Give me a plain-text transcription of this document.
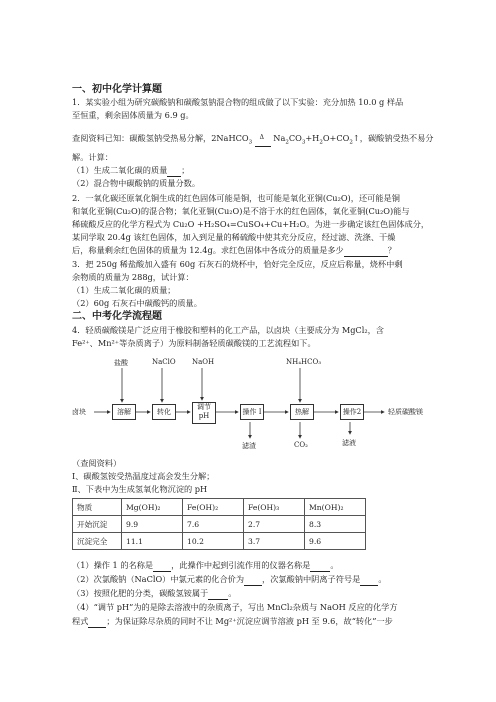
一、初中化学计算题
1．某实验小组为研究碳酸钠和碳酸氢钠混合物的组成做了以下实验：充分加热 10.0 g 样品
至恒重，剩余固体质量为 6.9 g。
查阅资料已知：碳酸氢钠受热易分解，2NaHCO$_3$
Δ $Na_2CO_3+H_2O+CO_2↑$，碳酸钠受热不易分
解。计算：
（1）生成二氧化碳的质量 ；
（2）混合物中碳酸钠的质量分数。
2．一氧化碳还原氧化铜生成的红色固体可能是铜，也可能是氧化亚铜(Cu₂O)，还可能是铜
和氧化亚铜(Cu₂O)的混合物；氧化亚铜(Cu₂O)是不溶于水的红色固体，氧化亚铜(Cu₂O)能与
稀硫酸反应的化学方程式为 Cu₂O +H₂SO₄=CuSO₄+Cu+H₂O。为进一步确定该红色固体成分，
某同学取 20.4g 该红色固体，加入到足量的稀硫酸中使其充分反应，经过滤、洗涤、干燥
后，称量剩余红色固体的质量为 12.4g。求红色固体中各成分的质量是多少	？
3．把 250g 稀盐酸加入盛有 60g 石灰石的烧杯中，恰好完全反应，反应后称量，烧杯中剩
余物质的质量为 288g，试计算：
（1）生成二氧化碳的质量；
（2）60g 石灰石中碳酸钙的质量。
二、中考化学流程题
4．轻质碳酸镁是广泛应用于橡胶和塑料的化工产品，以卤块（主要成分为 MgCl₂，含
Fe²⁺、Mn²⁺等杂质离子）为原料制备轻质碳酸镁的工艺流程如下。
卤块
盐酸	NaClO NaOH	NH₄HCO₃
溶解	转化
调节
pH	操作 I	热解	操作2	轻质碳酸镁
滤渣	CO₂	滤液
（查阅资料）
Ⅰ、碳酸氢铵受热温度过高会发生分解；
Ⅱ、下表中为生成氢氧化物沉淀的 pH
物质	Mg(OH)₂	Fe(OH)₂	Fe(OH)₃	Mn(OH)₂
开始沉淀	9.9	7.6	2.7	8.3
沉淀完全	11.1	10.2	3.7	9.6
（1）操作 1 的名称是 ，此操作中起到引流作用的仪器名称是 。
（2）次氯酸钠（NaClO）中氯元素的化合价为 ，次氯酸钠中阴离子符号是 。
（3）按照化肥的分类，碳酸氢铵属于 。
（4）“调节 pH”为的是除去溶液中的杂质离子，写出 MnCl₂杂质与 NaOH 反应的化学方
程式 ；为保证除尽杂质的同时不让 Mg²⁺沉淀应调节溶液 pH 至 9.6，故“转化”一步
